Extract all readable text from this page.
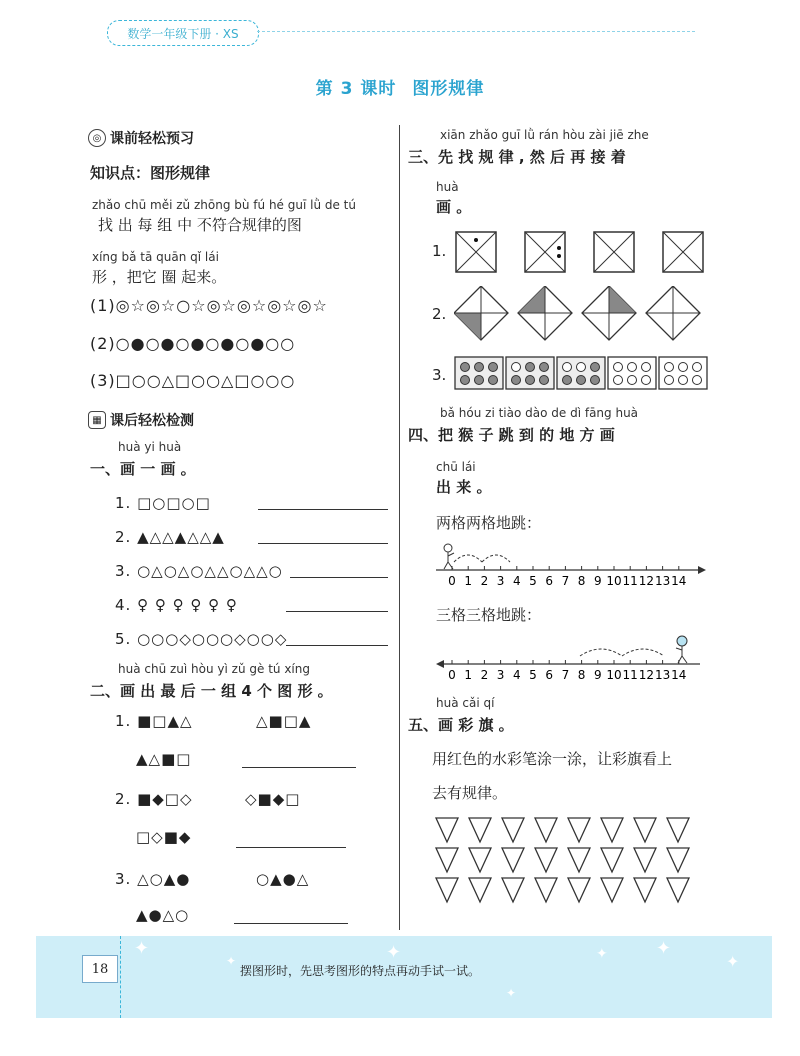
数学一年级下册 · XS
第 3 课时 图形规律
◎ 课前轻松预习
知识点：图形规律
zhǎo chū měi zǔ zhōng bù fú hé guī lǜ de tú
找 出 每 组 中 不符合规律的图
xíng bǎ tā quān qǐ lái
形 ，把它 圈 起来。
(1)◎☆◎☆○☆◎☆◎☆◎☆◎☆
(2)○●○●○●○●○●○○
(3)□○○△□○○△□○○○
▦ 课后轻松检测
huà yi huà
一、画 一 画 。
1. □○□○□
2. ▲△△▲△△▲
3. ○△○△○△△○△△○
4. ♀ ♀ ♀ ♀ ♀ ♀
5. ○○○◇○○○◇○○◇
huà chū zuì hòu yì zǔ gè tú xíng
二、画 出 最 后 一 组 4 个 图 形 。
1. ■□▲△	△■□▲
▲△■□
2. ■◆□◇	◇■◆□
□◇■◆
3. △○▲●	○▲●△
▲●△○
xiān zhǎo guī lǜ rán hòu zài jiē zhe
三、先 找 规 律 , 然 后 再 接 着
huà
画 。
1.
2.
3.
bǎ hóu zi tiào dào de dì fāng huà
四、把 猴 子 跳 到 的 地 方 画
chū lái
出 来 。
两格两格地跳：
0 1 2 3 4 5 6 7 8 9 10 11 12 13 14
三格三格地跳：
0 1 2 3 4 5 6 7 8 9 10 11 12 13 14
huà cǎi qí
五、画 彩 旗 。
用红色的水彩笔涂一涂，让彩旗看上
去有规律。
✦
✦	✦	✦	✦
✦
✦
18	摆图形时，先思考图形的特点再动手试一试。
